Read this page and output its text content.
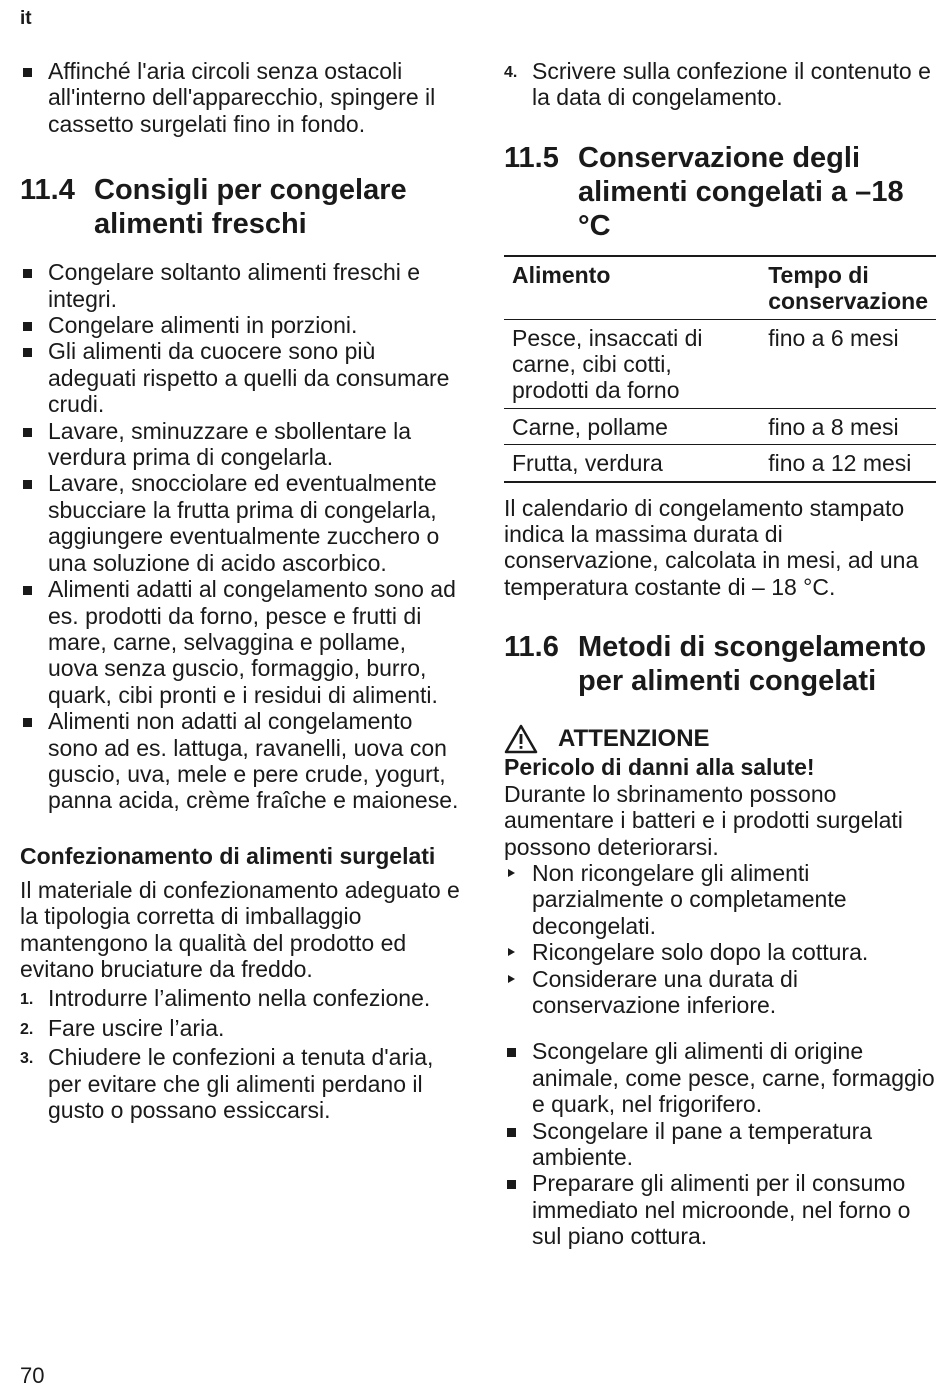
it
Affinché l'aria circoli senza ostacoli all'interno dell'apparecchio, spingere il cassetto surgelati fino in fondo.
11.4 Consigli per congelare alimenti freschi
Congelare soltanto alimenti freschi e integri.
Congelare alimenti in porzioni.
Gli alimenti da cuocere sono più adeguati rispetto a quelli da consumare crudi.
Lavare, sminuzzare e sbollentare la verdura prima di congelarla.
Lavare, snocciolare ed eventualmente sbucciare la frutta prima di congelarla, aggiungere eventualmente zucchero o una soluzione di acido ascorbico.
Alimenti adatti al congelamento sono ad es. prodotti da forno, pesce e frutti di mare, carne, selvaggina e pollame, uova senza guscio, formaggio, burro, quark, cibi pronti e i residui di alimenti.
Alimenti non adatti al congelamento sono ad es. lattuga, ravanelli, uova con guscio, uva, mele e pere crude, yogurt, panna acida, crème fraîche e maionese.
Confezionamento di alimenti surgelati

Il materiale di confezionamento adeguato e la tipologia corretta di imballaggio mantengono la qualità del prodotto ed evitano bruciature da freddo.

1. Introdurre l’alimento nella confezione.
2. Fare uscire l’aria.
3. Chiudere le confezioni a tenuta d'aria, per evitare che gli alimenti perdano il gusto o possano essiccarsi.
4. Scrivere sulla confezione il contenuto e la data di congelamento.
11.5 Conservazione degli alimenti congelati a –18 °C
Alimento	Tempo di conservazione
Pesce, insaccati di carne, cibi cotti, prodotti da forno	fino a 6 mesi
Carne, pollame	fino a 8 mesi
Frutta, verdura	fino a 12 mesi

Il calendario di congelamento stampato indica la massima durata di conservazione, calcolata in mesi, ad una temperatura costante di – 18 °C.

11.6 Metodi di scongelamento per alimenti congelati
ATTENZIONE

Pericolo di danni alla salute!

Durante lo sbrinamento possono aumentare i batteri e i prodotti surgelati possono deteriorarsi.

Non ricongelare gli alimenti parzialmente o completamente decongelati.
Ricongelare solo dopo la cottura.
Considerare una durata di conservazione inferiore.
Scongelare gli alimenti di origine animale, come pesce, carne, formaggio e quark, nel frigorifero.
Scongelare il pane a temperatura ambiente.
Preparare gli alimenti per il consumo immediato nel microonde, nel forno o sul piano cottura.
70
